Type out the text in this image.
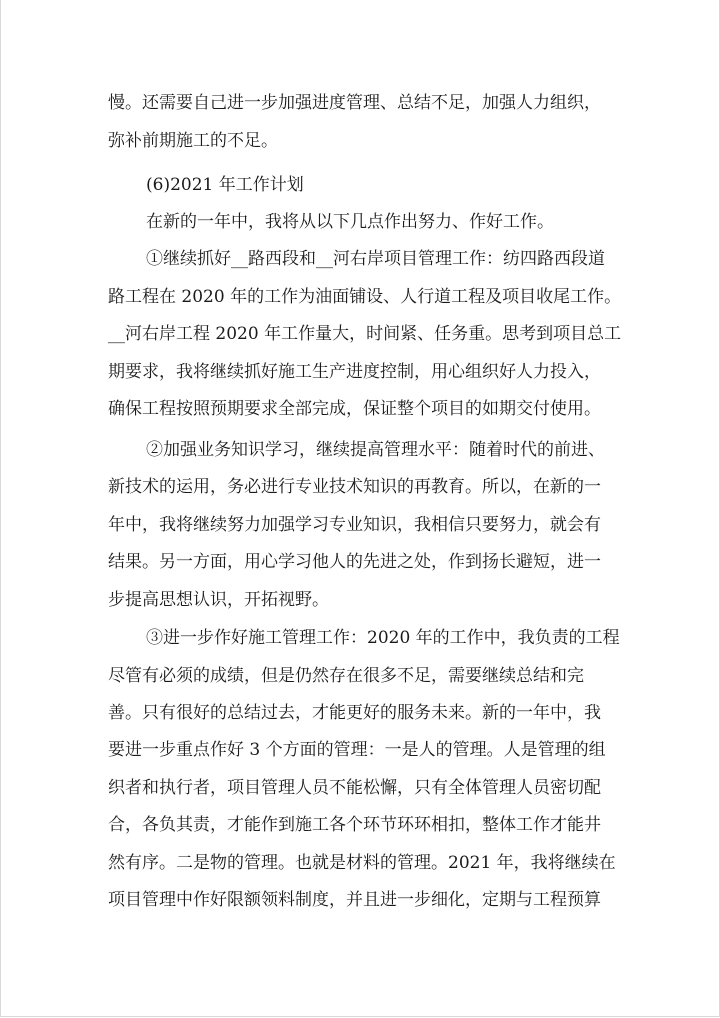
慢。还需要自己进一步加强进度管理、总结不足，加强人力组织，
弥补前期施工的不足。
(6)2021 年工作计划
在新的一年中，我将从以下几点作出努力、作好工作。
①继续抓好__路西段和__河右岸项目管理工作：纺四路西段道
路工程在 2020 年的工作为油面铺设、人行道工程及项目收尾工作。
__河右岸工程 2020 年工作量大，时间紧、任务重。思考到项目总工
期要求，我将继续抓好施工生产进度控制，用心组织好人力投入，
确保工程按照预期要求全部完成，保证整个项目的如期交付使用。
②加强业务知识学习，继续提高管理水平：随着时代的前进、
新技术的运用，务必进行专业技术知识的再教育。所以，在新的一
年中，我将继续努力加强学习专业知识，我相信只要努力，就会有
结果。另一方面，用心学习他人的先进之处，作到扬长避短，进一
步提高思想认识，开拓视野。
③进一步作好施工管理工作：2020 年的工作中，我负责的工程
尽管有必须的成绩，但是仍然存在很多不足，需要继续总结和完
善。只有很好的总结过去，才能更好的服务未来。新的一年中，我
要进一步重点作好 3 个方面的管理：一是人的管理。人是管理的组
织者和执行者，项目管理人员不能松懈，只有全体管理人员密切配
合，各负其责，才能作到施工各个环节环环相扣，整体工作才能井
然有序。二是物的管理。也就是材料的管理。2021 年，我将继续在
项目管理中作好限额领料制度，并且进一步细化，定期与工程预算
